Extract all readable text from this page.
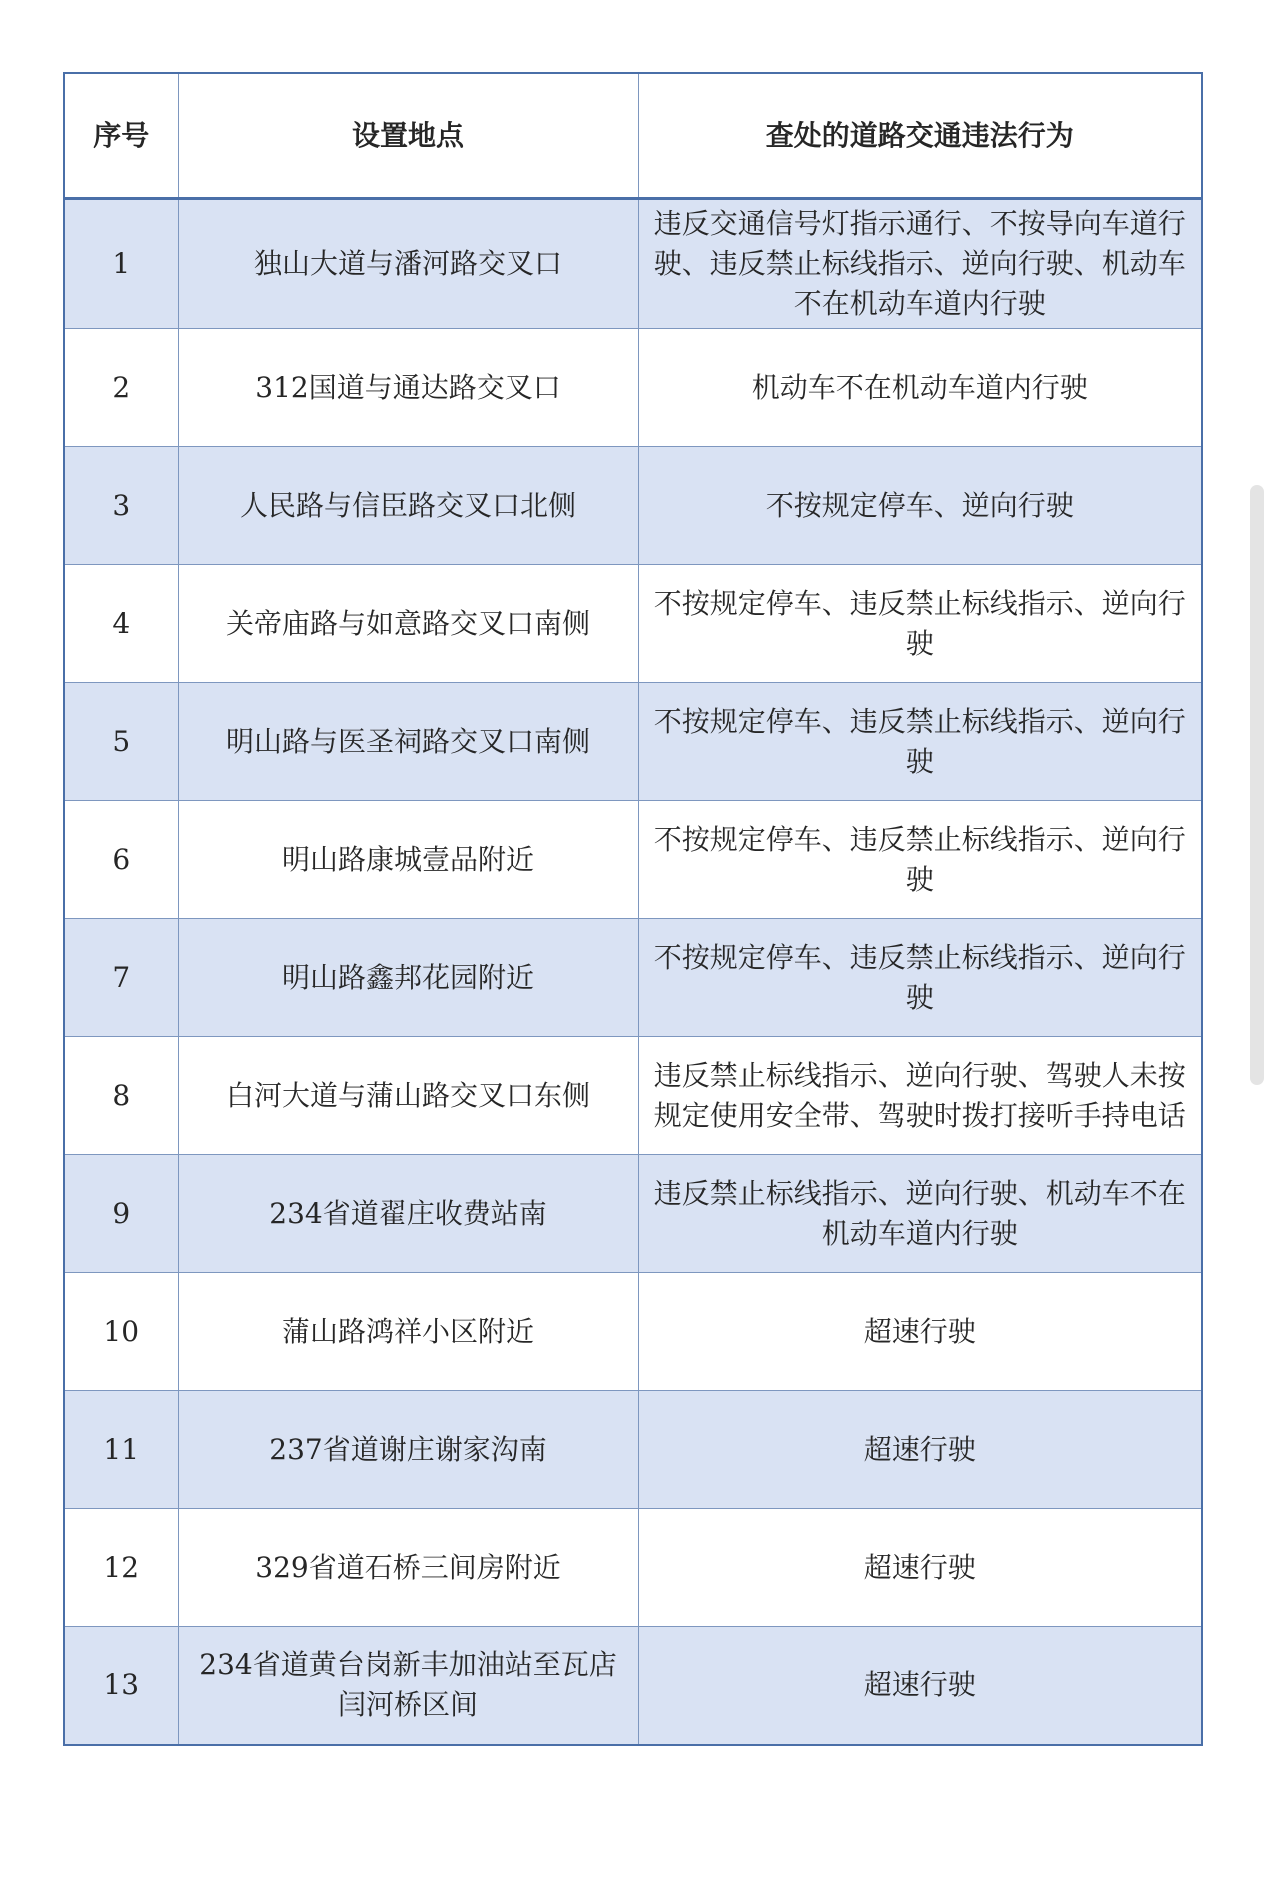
序号	设置地点	查处的道路交通违法行为
1	独山大道与潘河路交叉口	违反交通信号灯指示通行、不按导向车道行驶、违反禁止标线指示、逆向行驶、机动车不在机动车道内行驶
2	312国道与通达路交叉口	机动车不在机动车道内行驶
3	人民路与信臣路交叉口北侧	不按规定停车、逆向行驶
4	关帝庙路与如意路交叉口南侧	不按规定停车、违反禁止标线指示、逆向行驶
5	明山路与医圣祠路交叉口南侧	不按规定停车、违反禁止标线指示、逆向行驶
6	明山路康城壹品附近	不按规定停车、违反禁止标线指示、逆向行驶
7	明山路鑫邦花园附近	不按规定停车、违反禁止标线指示、逆向行驶
8	白河大道与蒲山路交叉口东侧	违反禁止标线指示、逆向行驶、驾驶人未按规定使用安全带、驾驶时拨打接听手持电话
9	234省道翟庄收费站南	违反禁止标线指示、逆向行驶、机动车不在机动车道内行驶
10	蒲山路鸿祥小区附近	超速行驶
11	237省道谢庄谢家沟南	超速行驶
12	329省道石桥三间房附近	超速行驶
13	234省道黄台岗新丰加油站至瓦店闫河桥区间	超速行驶
